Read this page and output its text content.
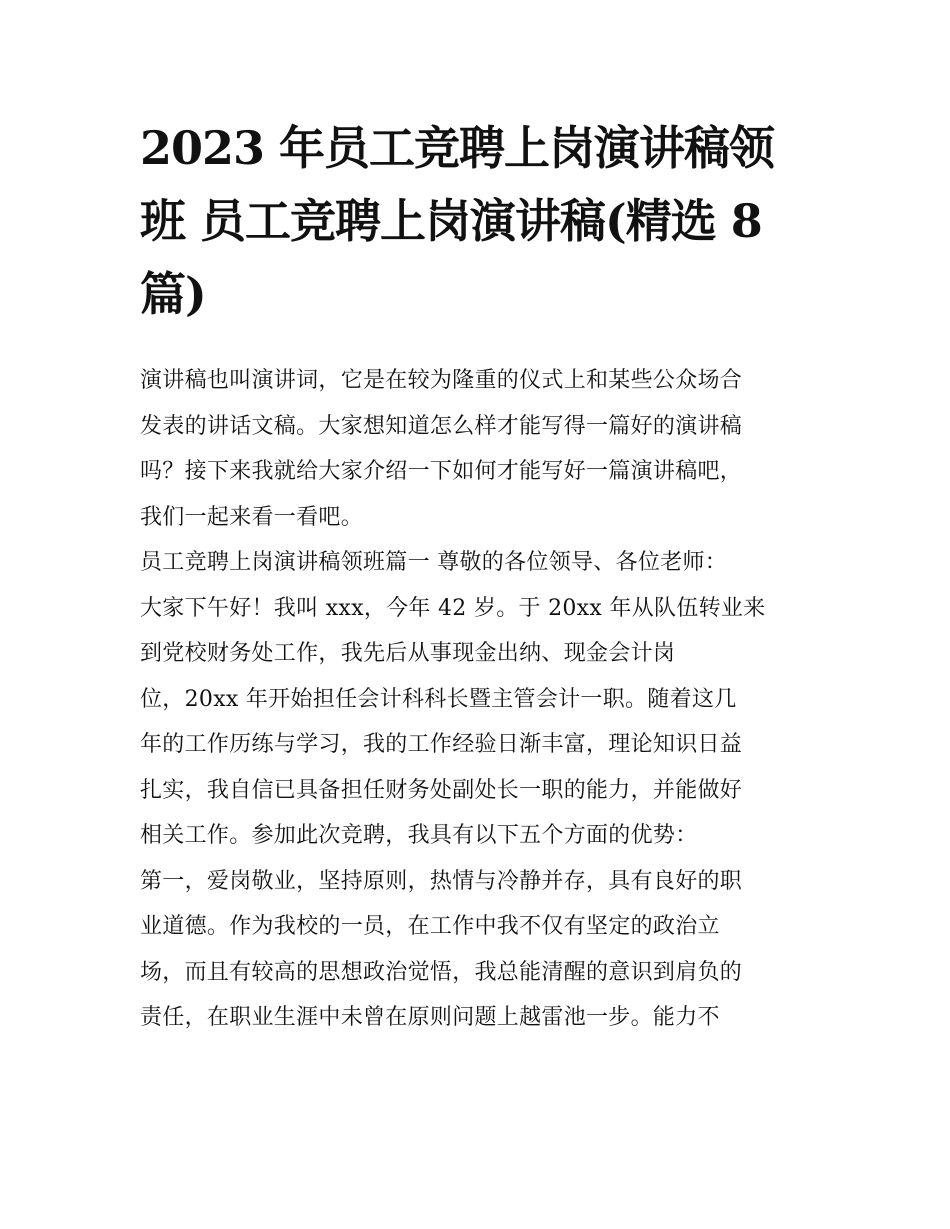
2023 年员工竞聘上岗演讲稿领
班 员工竞聘上岗演讲稿(精选 8
篇)
演讲稿也叫演讲词，它是在较为隆重的仪式上和某些公众场合
发表的讲话文稿。大家想知道怎么样才能写得一篇好的演讲稿
吗？接下来我就给大家介绍一下如何才能写好一篇演讲稿吧，
我们一起来看一看吧。
员工竞聘上岗演讲稿领班篇一 尊敬的各位领导、各位老师：
大家下午好！我叫 xxx，今年 42 岁。于 20xx 年从队伍转业来
到党校财务处工作，我先后从事现金出纳、现金会计岗
位，20xx 年开始担任会计科科长暨主管会计一职。随着这几
年的工作历练与学习，我的工作经验日渐丰富，理论知识日益
扎实，我自信已具备担任财务处副处长一职的能力，并能做好
相关工作。参加此次竞聘，我具有以下五个方面的优势：
第一，爱岗敬业，坚持原则，热情与冷静并存，具有良好的职
业道德。作为我校的一员，在工作中我不仅有坚定的政治立
场，而且有较高的思想政治觉悟，我总能清醒的意识到肩负的
责任，在职业生涯中未曾在原则问题上越雷池一步。能力不
